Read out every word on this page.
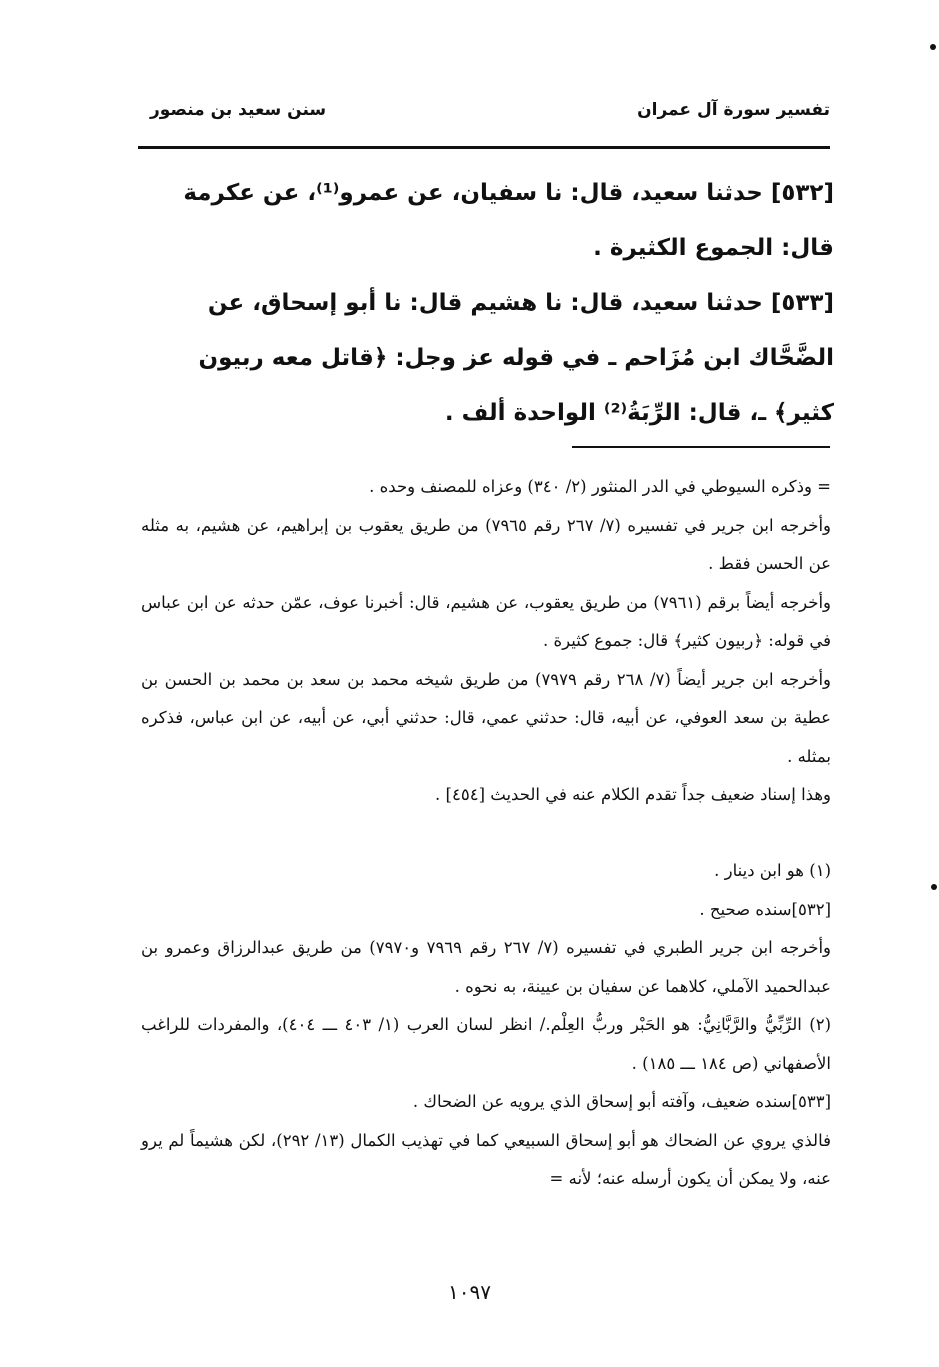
تفسير سورة آل عمران
سنن سعيد بن منصور
[٥٣٢] حدثنا سعيد، قال: نا سفيان، عن عمرو⁽¹⁾، عن عكرمة قال: الجموع الكثيرة .
[٥٣٣] حدثنا سعيد، قال: نا هشيم قال: نا أبو إسحاق، عن الضَّحَّاك ابن مُزَاحم ـ في قوله عز وجل: ﴿قاتل معه ربيون كثير﴾ ـ، قال: الرِّبَةُ⁽²⁾ الواحدة ألف .

= وذكره السيوطي في الدر المنثور (٢/ ٣٤٠) وعزاه للمصنف وحده .

وأخرجه ابن جرير في تفسيره (٧/ ٢٦٧ رقم ٧٩٦٥) من طريق يعقوب بن إبراهيم، عن هشيم، به مثله عن الحسن فقط .

وأخرجه أيضاً برقم (٧٩٦١) من طريق يعقوب، عن هشيم، قال: أخبرنا عوف، عمّن حدثه عن ابن عباس في قوله: ﴿ربيون كثير﴾ قال: جموع كثيرة .

وأخرجه ابن جرير أيضاً (٧/ ٢٦٨ رقم ٧٩٧٩) من طريق شيخه محمد بن سعد بن محمد بن الحسن بن عطية بن سعد العوفي، عن أبيه، قال: حدثني عمي، قال: حدثني أبي، عن أبيه، عن ابن عباس، فذكره بمثله .

وهذا إسناد ضعيف جداً تقدم الكلام عنه في الحديث [٤٥٤] .

(١) هو ابن دينار .

[٥٣٢]سنده صحيح .

وأخرجه ابن جرير الطبري في تفسيره (٧/ ٢٦٧ رقم ٧٩٦٩ و٧٩٧٠) من طريق عبدالرزاق وعمرو بن عبدالحميد الآملي، كلاهما عن سفيان بن عيينة، به نحوه .

(٢) الرِّبِّيُّ والرَّبَّانِيُّ: هو الحَبْر وربُّ العِلْم./ انظر لسان العرب (١/ ٤٠٣ ـــ ٤٠٤)، والمفردات للراغب الأصفهاني (ص ١٨٤ ـــ ١٨٥) .

[٥٣٣]سنده ضعيف، وآفته أبو إسحاق الذي يرويه عن الضحاك .

فالذي يروي عن الضحاك هو أبو إسحاق السبيعي كما في تهذيب الكمال (١٣/ ٢٩٢)، لكن هشيماً لم يرو عنه، ولا يمكن أن يكون أرسله عنه؛ لأنه =

١٠٩٧
